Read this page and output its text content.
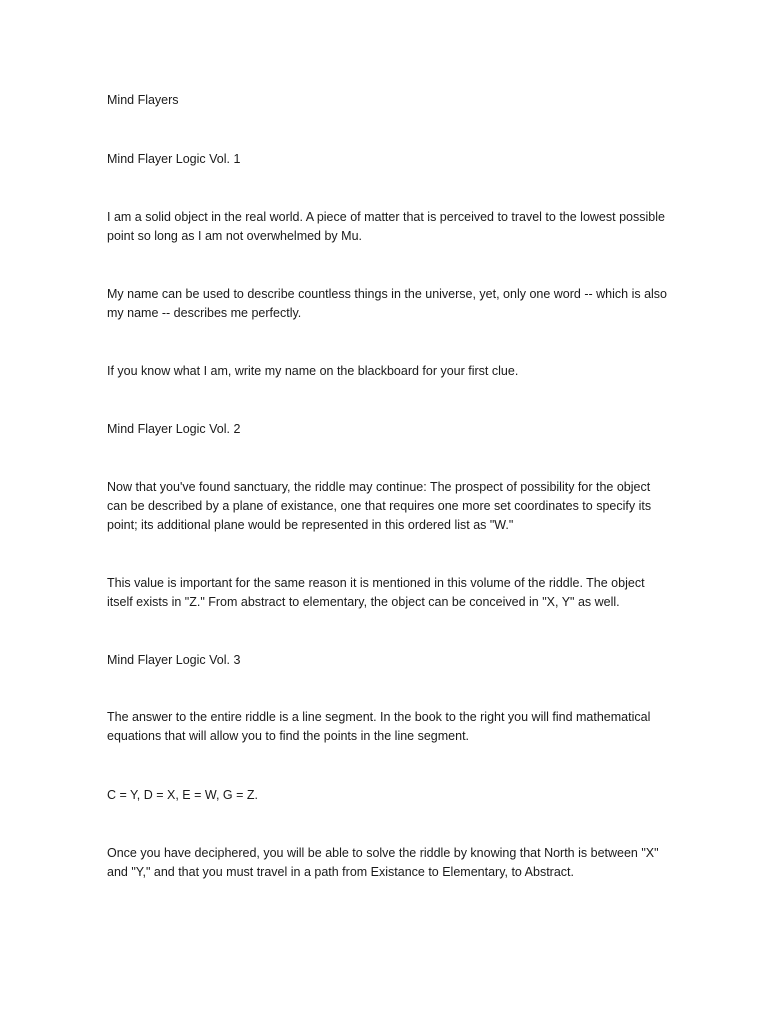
Mind Flayers

Mind Flayer Logic Vol. 1

I am a solid object in the real world. A piece of matter that is perceived to travel to the lowest possible point so long as I am not overwhelmed by Mu.

My name can be used to describe countless things in the universe, yet, only one word -- which is also my name -- describes me perfectly.

If you know what I am, write my name on the blackboard for your first clue.

Mind Flayer Logic Vol. 2

Now that you've found sanctuary, the riddle may continue: The prospect of possibility for the object can be described by a plane of existance, one that requires one more set coordinates to specify its point; its additional plane would be represented in this ordered list as "W."

This value is important for the same reason it is mentioned in this volume of the riddle. The object itself exists in "Z." From abstract to elementary, the object can be conceived in "X, Y" as well.

Mind Flayer Logic Vol. 3

The answer to the entire riddle is a line segment. In the book to the right you will find mathematical equations that will allow you to find the points in the line segment.

C = Y, D = X, E = W, G = Z.

Once you have deciphered, you will be able to solve the riddle by knowing that North is between "X" and "Y," and that you must travel in a path from Existance to Elementary, to Abstract.
